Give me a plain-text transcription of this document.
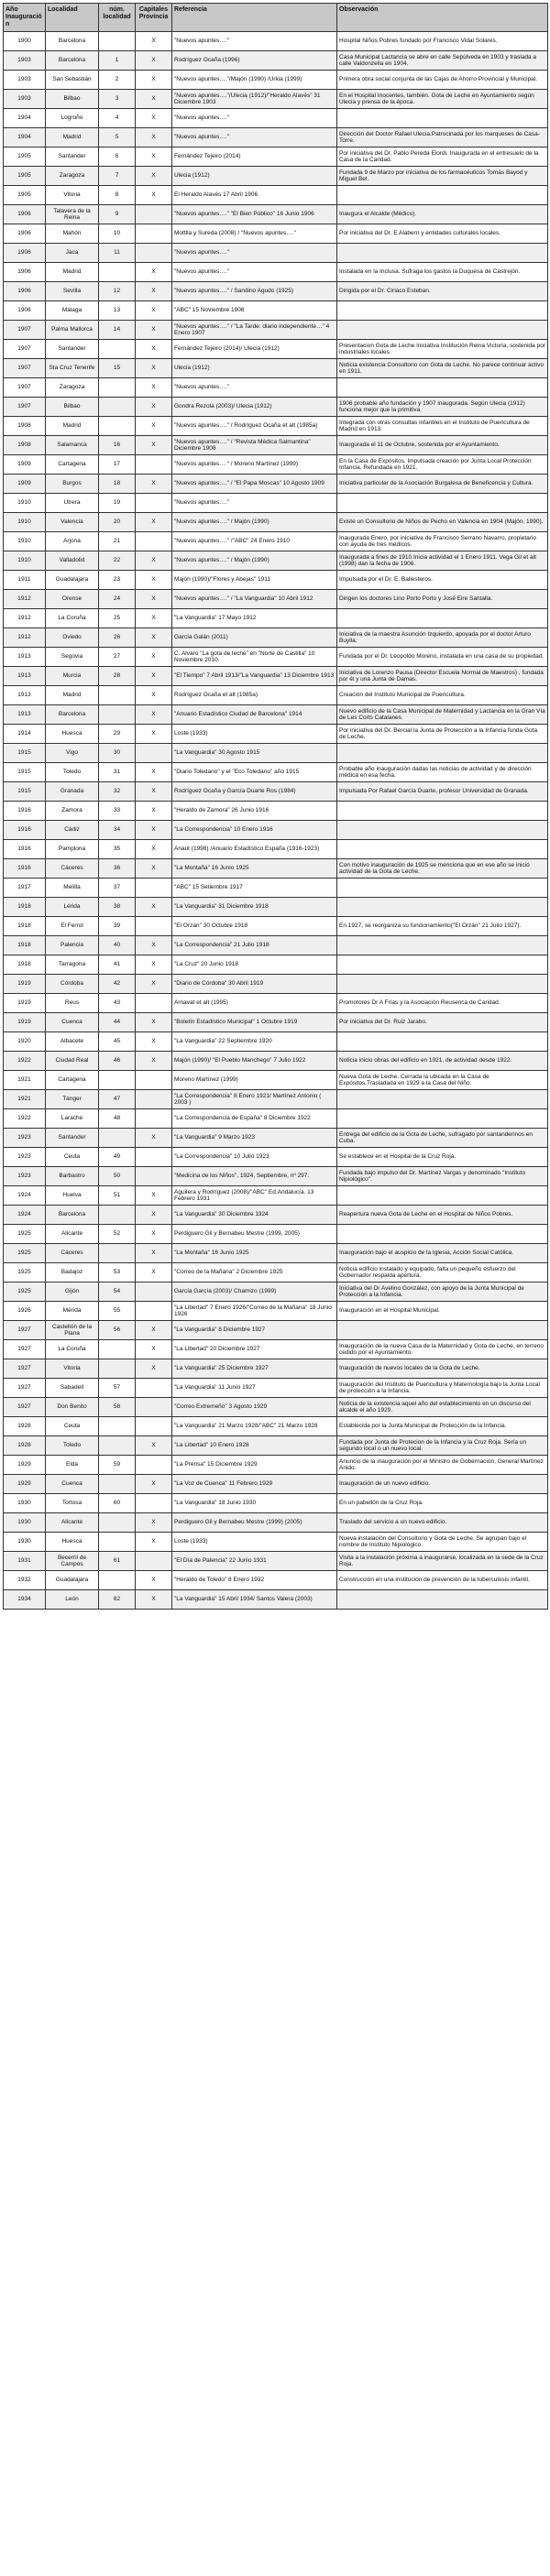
Año Inauguración	Localidad	núm. localidad	Capitales Provincia	Referencia	Observación
1900	Barcelona		X	"Nuevos apuntes…."	Hospital Niños Pobres fundado por Francisco Vidal Solares.
1903	Barcelona	1	X	Rodríguez Ocaña (1996)	Casa Municipal Lactancia se abre en calle Sepúlveda en 1903 y traslada a calle Valdonzella en 1904.
1903	San Sebastián	2	X	"Nuevos apuntes…."/Majón (1990) /Urkia (1999)	Primera obra social conjunta de las Cajas de Ahorro Provincial y Municipal.
1903	Bilbao	3	X	"Nuevos apuntes…."/Ulecia (1912)/"Heraldo Alavés" 31 Diciembre 1903	En el Hospital Inocentes, también. Gota de Leche en Ayuntamiento según Ulecia y prensa de la época.
1904	Logroño	4	X	"Nuevos apuntes…."	
1904	Madrid	5	X	"Nuevos apuntes…."	Dirección del Doctor Rafael Ulecia.Patrocinada por los marqueses de Casa-Torre.
1905	Santander	6	X	Fernández Tejeiro (2014)	Por iniciativa del Dr. Pablo Pereda Elordi. Inaugurada en el entresuelo de la Casa de la Caridad.
1905	Zaragoza	7	X	Ulecia (1912)	Fundada 9 de Marzo por iniciativa de los farmacéuticos Tomás Bayod y Miguel Bel.
1905	Vitoria	8	X	El Heraldo Alavés 17 Abril 1906	
1906	Talavera de la Reina	9		"Nuevos apuntes…." "El Bien Público" 16 Junio 1906	Inaugura el Alcalde (Médico).
1906	Mahón	10		Mottlla y Sureda (2008) / "Nuevos apuntes…."	Por iniciativa del Dr. E Alabern y entidades culturales locales.
1906	Jaca	11		"Nuevos apuntes…."	
1906	Madrid		X	"Nuevos apuntes…."	Instalada en la Inclusa. Sufraga los gastos la Duquesa de Castrejón.
1906	Sevilla	12	X	"Nuevos apuntes…." / Sandino Agudo (1925)	Dirigida por el Dr. Ciriaco Esteban.
1906	Málaga	13	X	"ABC" 15 Noviembre 1906	
1907	Palma Mallorca	14	X	"Nuevos apuntes…." / "La Tarde: diario independiente…" 4 Enero 1907	
1907	Santander		X	Fernández Tejeiro (2014)/ Ulecia (1912)	Presentacion Gota de Leche iniciativa Institución Reina Victoria, sostenida por industriales locales.
1907	Sta Cruz Tenerife	15	X	Ulecia (1912)	Noticia existencia Consultorio con Gota de Leche. No parece continuar activo en 1911.
1907	Zaragoza		X	"Nuevos apuntes…."	
1907	Bilbao		X	Gondra Rezola (2003)/ Ulecia (1912)	1906 probable año fundación y 1907 inaugurada. Según Ulecia (1912) funciona mejor que la primitiva.
1908	Madrid		X	"Nuevos apuntes…." / Rodríguez Ocaña et alt (1985a)	Integrada con otras consultas infantiles en el Instituto de Puericultura de Madrid en 1913.
1908	Salamanca	16	X	"Nuevos apuntes…." / "Revista Médica Salmantina" Diciembre 1908	Inaugurada el 11 de Octubre, sostenida por el Ayuntamiento.
1909	Cartagena	17		"Nuevos apuntes…." / Moreno Martínez (1999)	En la Casa de Expósitos. Impulsada creación por Junta Local Protección Infancia. Refundada en 1921.
1909	Burgos	18	X	"Nuevos apuntes…." / "El Papa Moscas" 10 Agosto 1909	Iniciativa particular de la Asociación Burgalesa de Beneficencia y Cultura.
1910	Utrera	19		"Nuevos apuntes…."	
1910	Valencia	20	X	"Nuevos apuntes…." / Majón (1990)	Existe un Consultorio de Niños de Pecho en Valencia en 1904 (Majón, 1990).
1910	Arjona	21		"Nuevos apuntes…." /"ABC" 24 Enero 1910	Inaugurada Enero, por iniciativa de Francisco Serrano Navarro, propietario con ayuda de tres médicos.
1910	Valladolid	22	X	"Nuevos apuntes…." / Majón (1990)	Inaugurada a fines de 1910.Inicia actividad el 1 Enero 1911. Vega Gil et alt (1998) dan la fecha de 1906.
1911	Guadalajara	23	X	Majón (1990)/"Flores y Abejas" 1911	Impulsada por el Dr. E. Ballesteros.
1912	Orense	24	X	"Nuevos apuntes…." / "La Vanguardia" 10 Abril 1912	Dirigen los doctores Lino Porto Porto y José Eire Santalla.
1912	La Coruña	25	X	"La Vanguardia" 17 Mayo 1912	
1912	Oviedo	26	X	García Galán (2011)	Iniciativa de la maestra Asunción Izquierdo, apoyada por el doctor Arturo Buylla.
1913	Segovia	27	X	C. Alvaro "La gota de leche" en "Norte de Castilla" 10 Noviembre 2010.	Fundada por el Dr. Leopoldo Moreno, instalada en una casa de su propiedad.
1913	Murcia	28	X	"El Tiempo" 7 Abril 1913/"La Vanguardia" 13 Diciembre 1913	Iniciativa de Lorenzo Pausa (Director Escuela Normal de Maestros) , fundada por él y una Junta de Damas.
1913	Madrid		X	Rodríguez Ocaña et alt (1985a)	Creación del Instituto Municipal de Puericultura.
1913	Barcelona		X	"Anuario Estadístico Ciudad de Barcelona" 1914	Nuevo edificio de la Casa Municipal de Maternidad y Lactancia en la Gran Vía de Les Corts Catalanes.
1914	Huesca	29	X	Loste (1933)	Por iniciativa del Dr. Bercial la Junta de Protección a la Infancia funda Gota de Leche.
1915	Vigo	30		"La Vanguardia" 30 Agosto 1915	
1915	Toledo	31	X	"Diario Toledano" y el "Eco Toledano" año 1915	Probable año inauguración dadas las noticias de actividad y de dirección médica en esa fecha.
1915	Granada	32	X	Rodríguez Ocaña y García Duarte Ros (1984)	Impulsada Por Rafael García Duarte, profesor Universidad de Granada.
1916	Zamora	33	X	"Heraldo de Zamora" 26 Junio 1916	
1916	Cádiz	34	X	"La Correspondencia" 10 Enero 1916	
1916	Pamplona	35	X	Anaut (1998) /Anuario Estadístico España (1916-1923)	
1916	Cáceres	36	X	"La Montaña" 16 Junio 1925	Con motivo inauguración de 1925 se menciona que en ese año se inició actividad de la Gota de Leche.
1917	Melilla	37		"ABC" 15 Setiembre 1917	
1918	Lérida	38	X	"La Vanguardia" 31 Diciembre 1918	
1918	El Ferrol	39		"El Orzan" 30 Octubre 1918	En 1927, se reorganiza su funcionamiento("El Orzán" 21 Julio 1927).
1918	Palencia	40	X	"La Correspondencia" 21 Julio 1918	
1918	Tarragona	41	X	"La Cruz" 20 Junio 1918	
1919	Córdoba	42	X	"Diario de Córdoba" 30 Abril 1919	
1919	Reus	43		Arnavat et alt (1995)	Promotores Dr A Frías y la Asociación Reusenca de Caridad.
1919	Cuenca	44	X	"Boletín Estadístico Municipal" 1 Octubre 1919	Por iniciativa del Dr. Ruiz Jarabo.
1920	Albacete	45	X	"La Vanguardia" 22 Septiembre 1920	
1922	Ciudad Real	46	X	Majón (1990)/ "El Pueblo Manchego" 7 Julio 1922	Noticia inicio obras del edificio en 1921, de actividad desde 1922.
1921	Cartagena			Moreno Martínez (1999)	Nueva Gota de Leche. Cerrada la ubicada en la Casa de Expósitos.Trasladada en 1929 a la Casa del Niño.
1921	Tánger	47		"La Correspondencia" 8 Enero 1921/ Martínez Antonio ( 2003 )	
1922	Larache	48		"La Correspondencia de España" 8 Diciembre 1922	
1923	Santander		X	"La Vanguardia" 9 Marzo 1923	Entrega del edificio de la Gota de Leche, sufragado por santanderinos en Cuba.
1923	Ceuta	49		"La Correspondencia" 10 Julio 1923	Se establece en el Hospital de la Cruz Roja.
1923	Barbastro	50		"Medicina de los Niños", 1924, Septiembre, nº 297.	Fundada bajo impulso del Dr. Martínez Vargas y denominado "Instituto Nipiológico".
1924	Huelva	51	X	Aguilera y Rodríguez (2008)/"ABC" Ed.Andalucía. 13 Febrero 1931	
1924	Barcelona		X	"La Vanguardia" 30 Diciembre 1924	Reapertura nueva Gota de Leche en el Hospital de Niños Pobres.
1925	Alicante	52	X	Perdiguero Gil y Bernabeu Mestre (1999, 2005)	
1925	Cáceres		X	"La Montaña" 16 Junio 1925	Inauguración bajo el auspicio de la Iglesia, Acción Social Católica.
1925	Badajoz	53	X	"Correo de la Mañana" 2 Diciembre 1925	Noticia edificio instalado y equipado, falta un pequeño esfuerzo del Gobernador respalda apertura.
1925	Gijón	54		García García (2003)/ Chamizo (1999)	Iniciativa del Dr Avelino González, con apoyo de la Junta Municipal de Protección a la Infancia.
1926	Mérida	55		"La Libertad" 7 Enero 1926/"Correo de la Mañana" 18 Junio 1926	Inauguración en el Hospital Municipal.
1927	Castellón de la Plana	56	X	"La Vanguardia" 8 Diciembre 1927	
1927	La Coruña		X	"La Libertad" 20 Diciembre 1927	Inauguración de la nueva Casa de la Maternidad y Gota de Leche, en terreno cedido por el Ayuntamiento.
1927	Vitoria		X	"La Vanguardia" 25 Diciembre 1927	Inauguración de nuevos locales de la Gota de Leche.
1927	Sabadell	57		"La Vanguardia" 11 Junio 1927	Inauguración del Instituto de Puericultura y Maternología bajo la Junta Local de protección a la Infancia.
1927	Don Benito	58		"Correo Extremeño" 3 Agosto 1929	Noticia de la existencia aquel año del establecimiento en un discurso del alcalde el año 1929.
1928	Ceuta			"La Vanguardia" 21 Marzo 1928/"ABC" 21 Marzo 1928	Establecida por la Junta Municipal de Protección de la Infancia.
1928	Toledo		X	"La Libertad" 10 Enero 1928	Fundada por Junta de Protecion de la Infancia y la Cruz Roja. Sería un segundo local o un nuevo local.
1929	Elda	59		"La Prensa" 15 Diciembre 1929	Anuncio de la inauguración por el Ministro de Gobernación, General Martínez Anido.
1929	Cuenca		X	"La Voz de Cuenca" 11 Febrero 1929	Inauguración de un nuevo edificio.
1930	Tortosa	60		"La Vanguardia" 18 Junio 1930	En un pabellón de la Cruz Roja.
1930	Alicante		X	Perdiguero Gil y Bernabeu Mestre (1999) (2005)	Traslado del servicio a un nuevo edificio.
1930	Huesca		X	Loste (1933)	Nueva instalación del Consultorio y Gota de Leche. Se agrupan bajo el nombre de Instituto Nipiológico.
1931	Becerril de Campos	61		"El Día de Palencia" 22 Junio 1931	Visita a la instalación próxima a inaugurarse, localizada en la sede de la Cruz Roja.
1932	Guadalajara		X	"Heraldo de Toledo" 8 Enero 1932	Construcción en una institución de prevención de la tuberculosis infantil.
1934	León	62	X	"La Vanguardia" 15 Abril 1934/ Santos Valera (2003)	
